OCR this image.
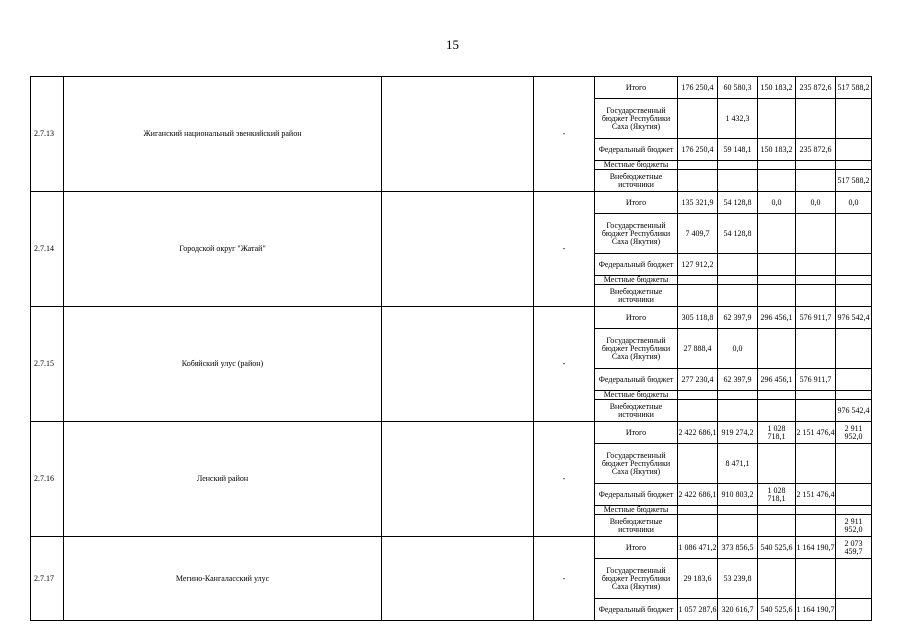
15
2.7.13	Жиганский национальный эвенкийский район		-	Итого	176 250,4	60 580,3	150 183,2	235 872,6	517 588,2
				Государственный бюджет Республики Саха (Якутия)		1 432,3			
				Федеральный бюджет	176 250,4	59 148,1	150 183,2	235 872,6	
				Местные бюджеты					
				Внебюджетные источники					517 588,2
2.7.14	Городской округ "Жатай"		-	Итого	135 321,9	54 128,8	0,0	0,0	0,0
				Государственный бюджет Республики Саха (Якутия)	7 409,7	54 128,8			
				Федеральный бюджет	127 912,2				
				Местные бюджеты					
				Внебюджетные источники					
2.7.15	Кобяйский улус (район)		-	Итого	305 118,8	62 397,9	296 456,1	576 911,7	976 542,4
				Государственный бюджет Республики Саха (Якутия)	27 888,4	0,0			
				Федеральный бюджет	277 230,4	62 397,9	296 456,1	576 911,7	
				Местные бюджеты					
				Внебюджетные источники					976 542,4
2.7.16	Ленский район		-	Итого	2 422 686,1	919 274,2	1 028 718,1	2 151 476,4	2 911 952,0
				Государственный бюджет Республики Саха (Якутия)		8 471,1			
				Федеральный бюджет	2 422 686,1	910 803,2	1 028 718,1	2 151 476,4	
				Местные бюджеты					
				Внебюджетные источники					2 911 952,0
2.7.17	Мегино-Кангаласский улус		-	Итого	1 086 471,2	373 856,5	540 525,6	1 164 190,7	2 073 459,7
				Государственный бюджет Республики Саха (Якутия)	29 183,6	53 239,8			
				Федеральный бюджет	1 057 287,6	320 616,7	540 525,6	1 164 190,7	
